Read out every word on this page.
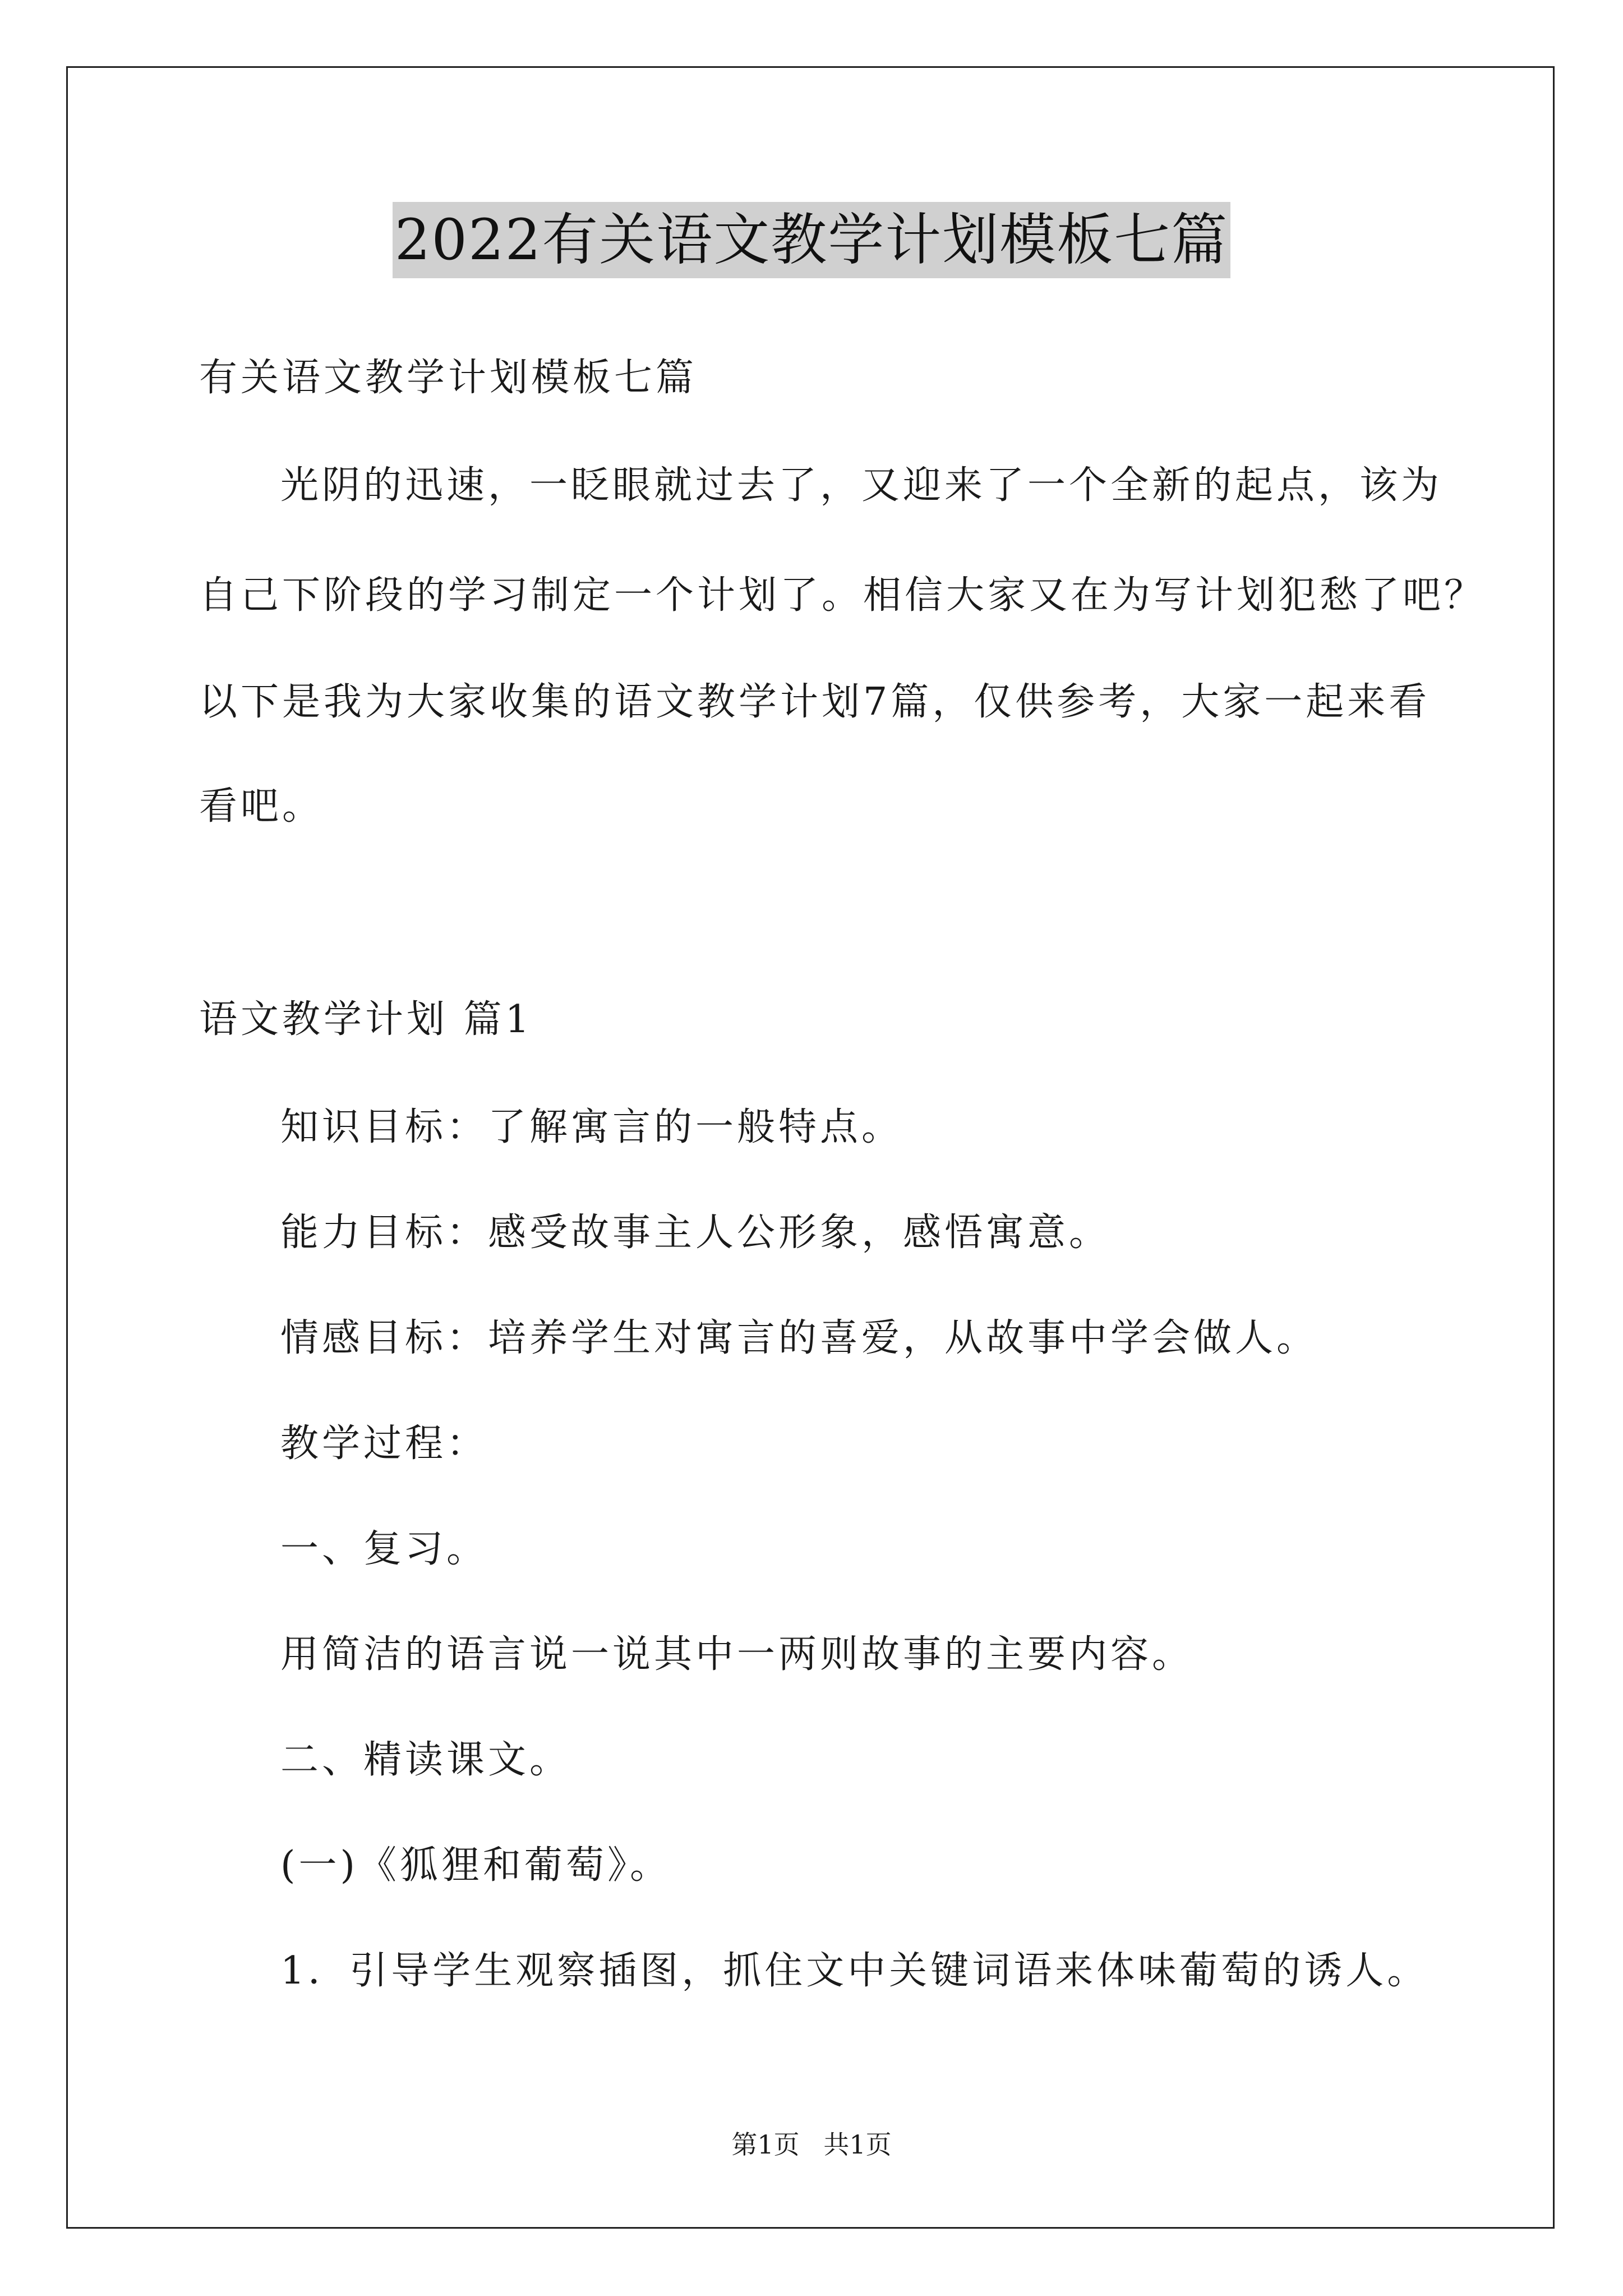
2022有关语文教学计划模板七篇
有关语文教学计划模板七篇
光阴的迅速，一眨眼就过去了，又迎来了一个全新的起点，该为
自己下阶段的学习制定一个计划了。相信大家又在为写计划犯愁了吧？
以下是我为大家收集的语文教学计划7篇，仅供参考，大家一起来看
看吧。
语文教学计划 篇1
知识目标：了解寓言的一般特点。
能力目标：感受故事主人公形象，感悟寓意。
情感目标：培养学生对寓言的喜爱，从故事中学会做人。
教学过程：
一、复习。
用简洁的语言说一说其中一两则故事的主要内容。
二、精读课文。
(一)《狐狸和葡萄》。
1．引导学生观察插图，抓住文中关键词语来体味葡萄的诱人。
第1页 共1页
